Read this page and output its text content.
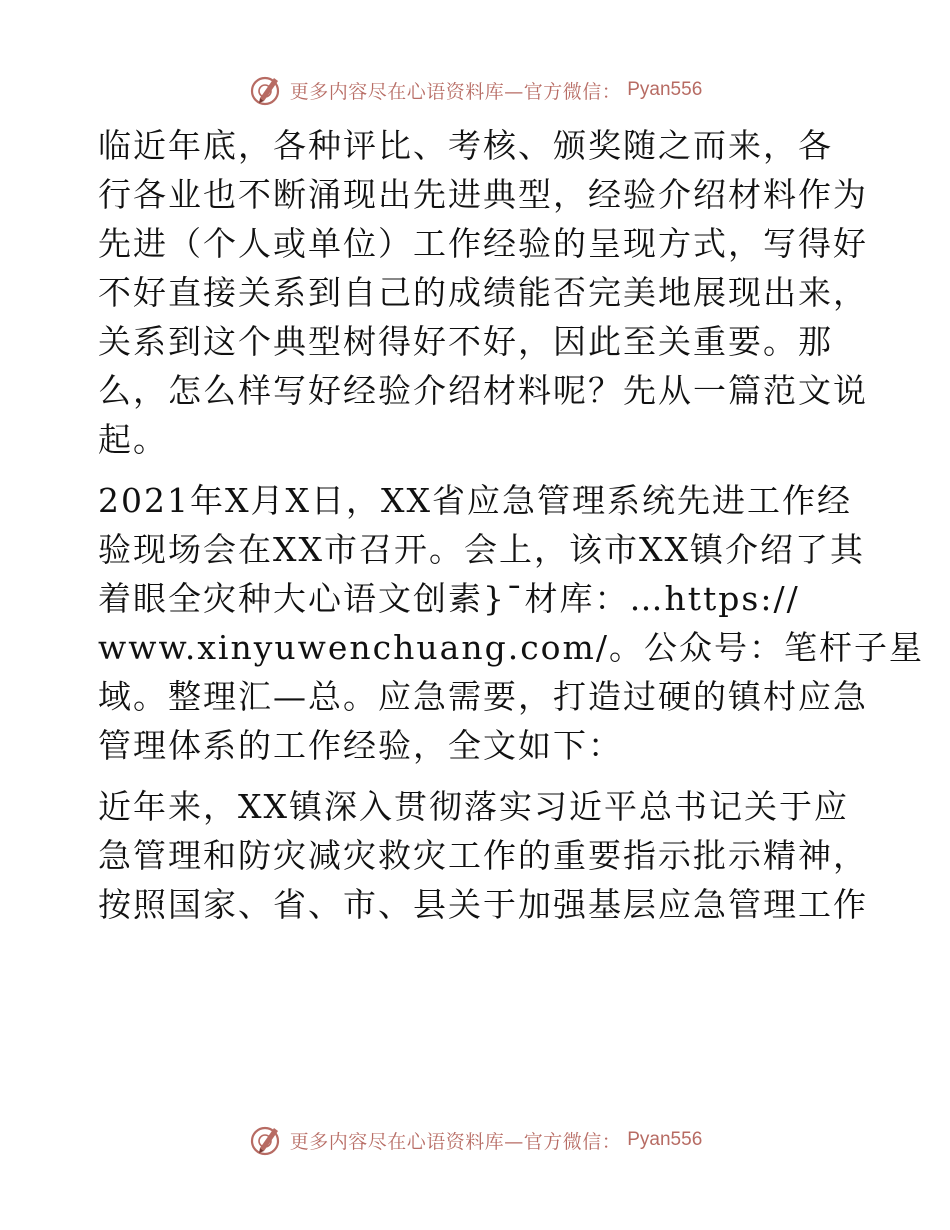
更多内容尽在心语资料库—官方微信： Pyan556

临近年底，各种评比、考核、颁奖随之而来，各
行各业也不断涌现出先进典型，经验介绍材料作为
先进（个人或单位）工作经验的呈现方式，写得好
不好直接关系到自己的成绩能否完美地展现出来，
关系到这个典型树得好不好，因此至关重要。那
么，怎么样写好经验介绍材料呢？先从一篇范文说
起。

2021年X月X日，XX省应急管理系统先进工作经
验现场会在XX市召开。会上，该市XX镇介绍了其
着眼全灾种大心语文创素}¯材库：…https://
www.xinyuwenchuang.com/。公众号：笔杆子星
域。整理汇—总。应急需要，打造过硬的镇村应急
管理体系的工作经验，全文如下：

近年来，XX镇深入贯彻落实习近平总书记关于应
急管理和防灾减灾救灾工作的重要指示批示精神，
按照国家、省、市、县关于加强基层应急管理工作

更多内容尽在心语资料库—官方微信： Pyan556
